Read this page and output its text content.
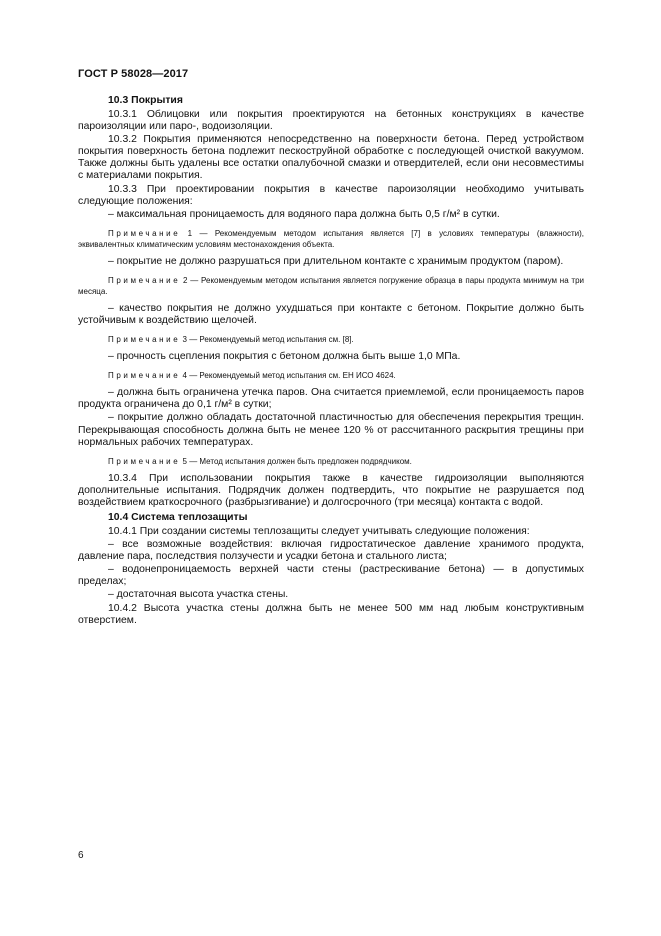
ГОСТ Р 58028—2017
10.3 Покрытия

10.3.1 Облицовки или покрытия проектируются на бетонных конструкциях в качестве пароизоляции или паро-, водоизоляции.

10.3.2 Покрытия применяются непосредственно на поверхности бетона. Перед устройством покрытия поверхность бетона подлежит пескоструйной обработке с последующей очисткой вакуумом. Также должны быть удалены все остатки опалубочной смазки и отвердителей, если они несовместимы с материалами покрытия.

10.3.3 При проектировании покрытия в качестве пароизоляции необходимо учитывать следующие положения:

– максимальная проницаемость для водяного пара должна быть 0,5 г/м² в сутки.

Примечание 1 — Рекомендуемым методом испытания является [7] в условиях температуры (влажности), эквивалентных климатическим условиям местонахождения объекта.

– покрытие не должно разрушаться при длительном контакте с хранимым продуктом (паром).

Примечание 2 — Рекомендуемым методом испытания является погружение образца в пары продукта минимум на три месяца.

– качество покрытия не должно ухудшаться при контакте с бетоном. Покрытие должно быть устойчивым к воздействию щелочей.

Примечание 3 — Рекомендуемый метод испытания см. [8].

– прочность сцепления покрытия с бетоном должна быть выше 1,0 МПа.

Примечание 4 — Рекомендуемый метод испытания см. ЕН ИСО 4624.

– должна быть ограничена утечка паров. Она считается приемлемой, если проницаемость паров продукта ограничена до 0,1 г/м² в сутки;

– покрытие должно обладать достаточной пластичностью для обеспечения перекрытия трещин. Перекрывающая способность должна быть не менее 120 % от рассчитанного раскрытия трещины при нормальных рабочих температурах.

Примечание 5 — Метод испытания должен быть предложен подрядчиком.

10.3.4 При использовании покрытия также в качестве гидроизоляции выполняются дополнительные испытания. Подрядчик должен подтвердить, что покрытие не разрушается под воздействием краткосрочного (разбрызгивание) и долгосрочного (три месяца) контакта с водой.

10.4 Система теплозащиты

10.4.1 При создании системы теплозащиты следует учитывать следующие положения:

– все возможные воздействия: включая гидростатическое давление хранимого продукта, давление пара, последствия ползучести и усадки бетона и стального листа;

– водонепроницаемость верхней части стены (растрескивание бетона) — в допустимых пределах;

– достаточная высота участка стены.

10.4.2 Высота участка стены должна быть не менее 500 мм над любым конструктивным отверстием.

6
